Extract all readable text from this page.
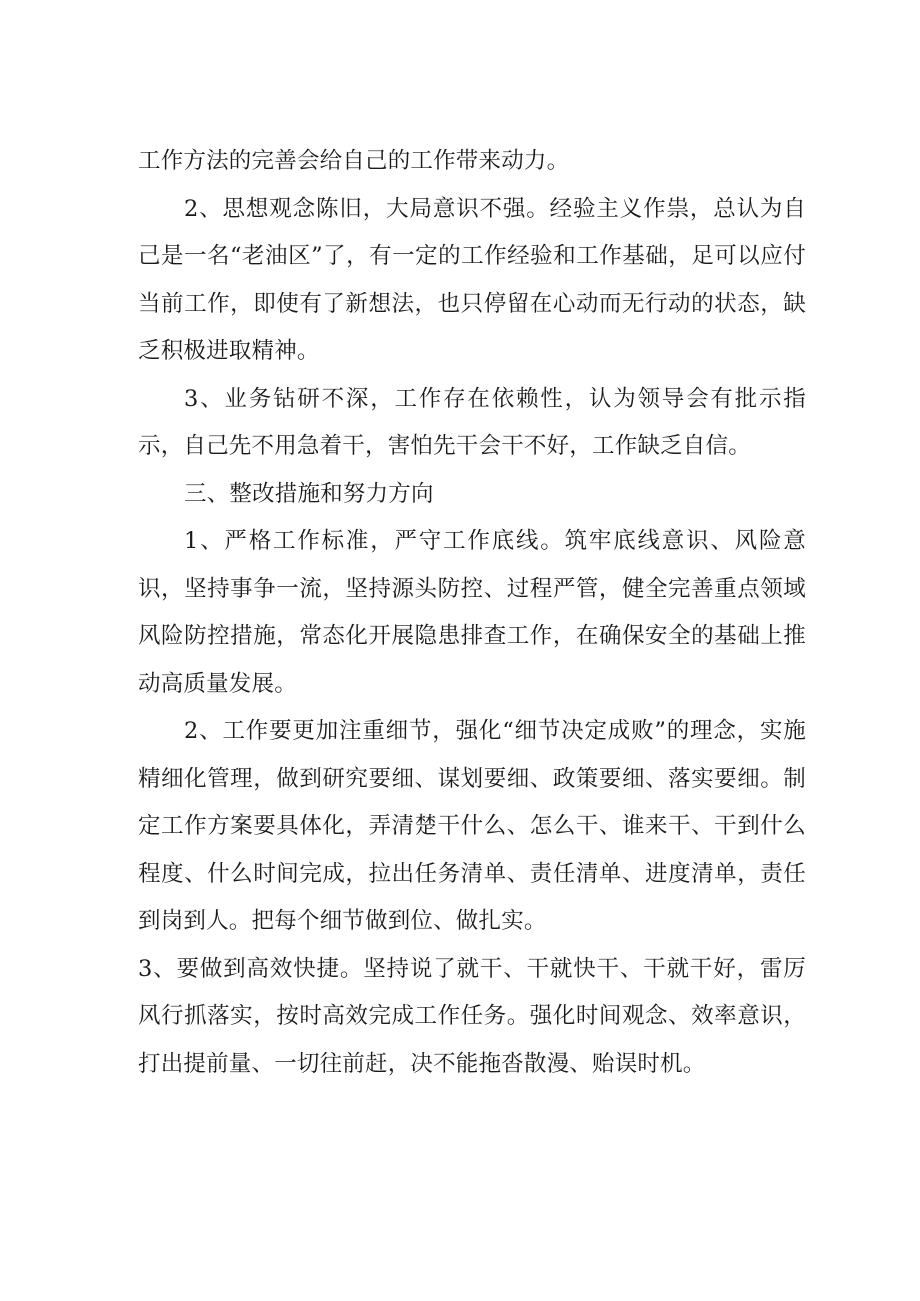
工作方法的完善会给自己的工作带来动力。

2、思想观念陈旧，大局意识不强。经验主义作祟，总认为自己是一名“老油区”了，有一定的工作经验和工作基础，足可以应付当前工作，即使有了新想法，也只停留在心动而无行动的状态，缺乏积极进取精神。

3、业务钻研不深，工作存在依赖性，认为领导会有批示指示，自己先不用急着干，害怕先干会干不好，工作缺乏自信。

三、整改措施和努力方向

1、严格工作标准，严守工作底线。筑牢底线意识、风险意识，坚持事争一流，坚持源头防控、过程严管，健全完善重点领域风险防控措施，常态化开展隐患排查工作，在确保安全的基础上推动高质量发展。

2、工作要更加注重细节，强化“细节决定成败”的理念，实施精细化管理，做到研究要细、谋划要细、政策要细、落实要细。制定工作方案要具体化，弄清楚干什么、怎么干、谁来干、干到什么程度、什么时间完成，拉出任务清单、责任清单、进度清单，责任到岗到人。把每个细节做到位、做扎实。

3、要做到高效快捷。坚持说了就干、干就快干、干就干好，雷厉风行抓落实，按时高效完成工作任务。强化时间观念、效率意识，打出提前量、一切往前赶，决不能拖沓散漫、贻误时机。
